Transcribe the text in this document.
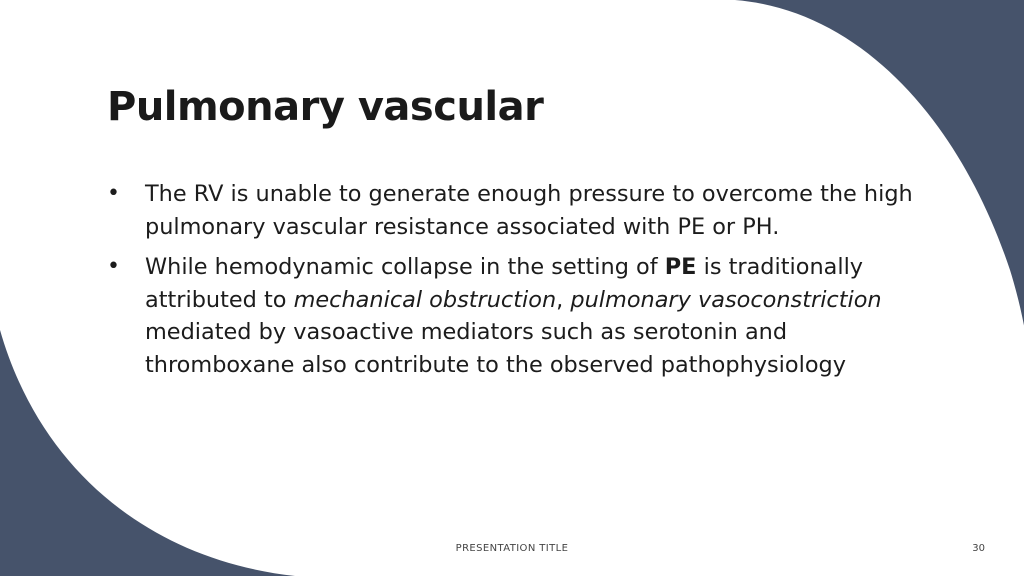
Pulmonary vascular
• The RV is unable to generate enough pressure to overcome the high pulmonary vascular resistance associated with PE or PH.
• While hemodynamic collapse in the setting of PE is traditionally attributed to mechanical obstruction, pulmonary vasoconstriction mediated by vasoactive mediators such as serotonin and thromboxane also contribute to the observed pathophysiology
PRESENTATION TITLE	30
